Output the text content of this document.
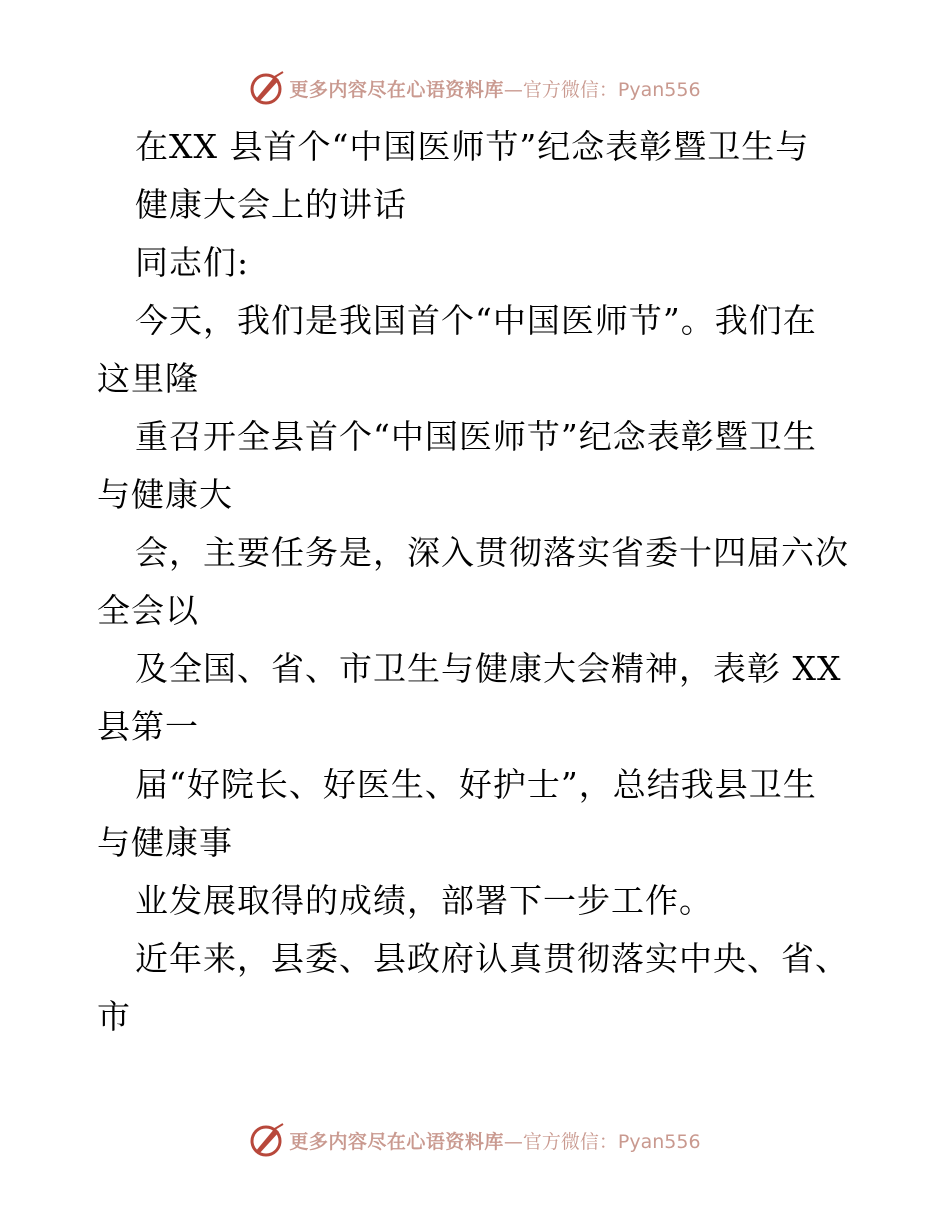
更多内容尽在心语资料库 —官方微信：Pyan556
在XX 县首个“中国医师节”纪念表彰暨卫生与
健康大会上的讲话
同志们:
今天，我们是我国首个“中国医师节”。我们在
这里隆
重召开全县首个“中国医师节”纪念表彰暨卫生
与健康大
会，主要任务是，深入贯彻落实省委十四届六次
全会以
及全国、省、市卫生与健康大会精神，表彰 XX
县第一
届“好院长、好医生、好护士”，总结我县卫生
与健康事
业发展取得的成绩，部署下一步工作。
近年来，县委、县政府认真贯彻落实中央、省、
市
更多内容尽在心语资料库 —官方微信：Pyan556
